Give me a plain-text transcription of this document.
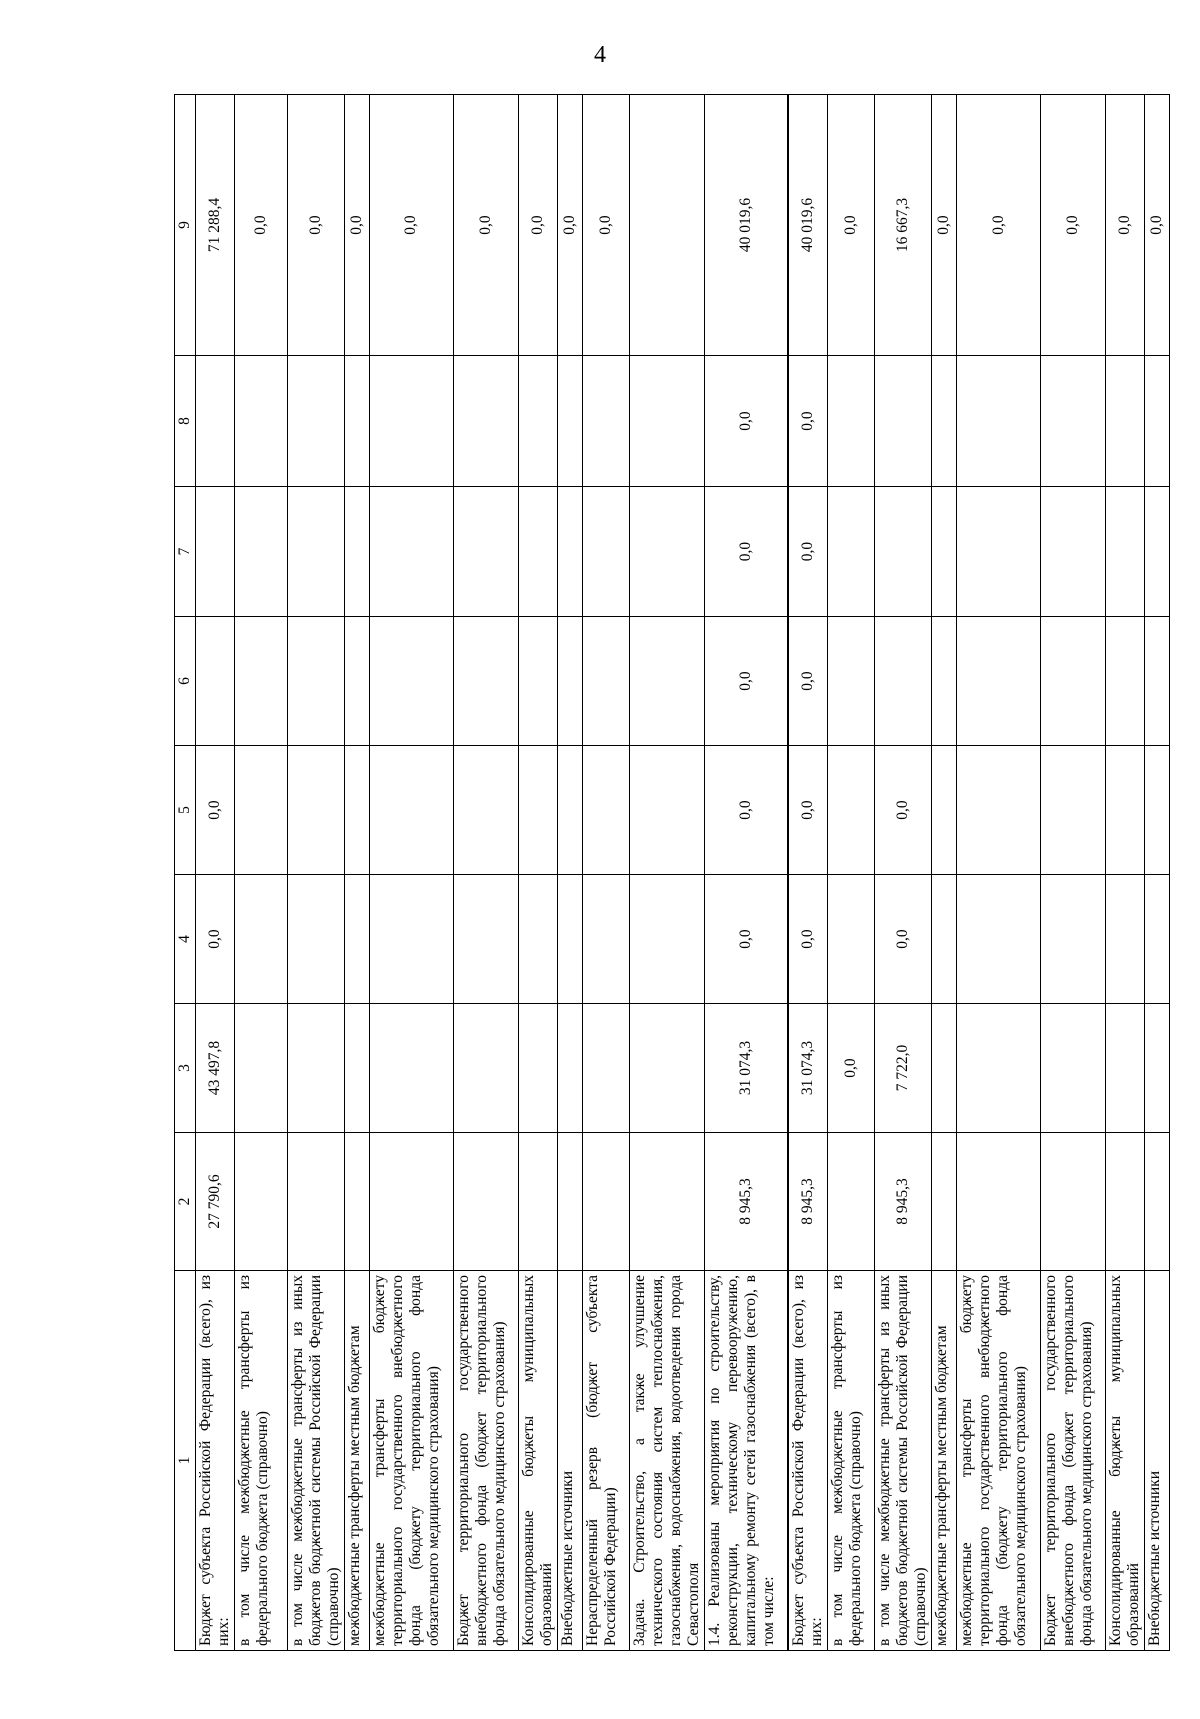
4
1	2	3	4	5	6	7	8	9
Бюджет субъекта Российской Федерации (всего), из них:	27 790,6	43 497,8	0,0	0,0				71 288,4
в том числе межбюджетные трансферты из федерального бюджета (справочно)								0,0
в том числе межбюджетные трансферты из иных бюджетов бюджетной системы Российской Федерации (справочно)								0,0
межбюджетные трансферты местным бюджетам								0,0
межбюджетные трансферты бюджету территориального государственного внебюджетного фонда (бюджету территориального фонда обязательного медицинского страхования)								0,0
Бюджет территориального государственного внебюджетного фонда (бюджет территориального фонда обязательного медицинского страхования)								0,0
Консолидированные бюджеты муниципальных образований								0,0
Внебюджетные источники								0,0
Нераспределенный резерв (бюджет субъекта Российской Федерации)								0,0
Задача. Строительство, а также улучшение технического состояния систем теплоснабжения, газоснабжения, водоснабжения, водоотведения города Севастополя								
1.4. Реализованы мероприятия по строительству, реконструкции, техническому перевооружению, капитальному ремонту сетей газоснабжения (всего), в том числе:	8 945,3	31 074,3	0,0	0,0	0,0	0,0	0,0	40 019,6
Бюджет субъекта Российской Федерации (всего), из них:	8 945,3	31 074,3	0,0	0,0	0,0	0,0	0,0	40 019,6
в том числе межбюджетные трансферты из федерального бюджета (справочно)		0,0						0,0
в том числе межбюджетные трансферты из иных бюджетов бюджетной системы Российской Федерации (справочно)	8 945,3	7 722,0	0,0	0,0				16 667,3
межбюджетные трансферты местным бюджетам								0,0
межбюджетные трансферты бюджету территориального государственного внебюджетного фонда (бюджету территориального фонда обязательного медицинского страхования)								0,0
Бюджет территориального государственного внебюджетного фонда (бюджет территориального фонда обязательного медицинского страхования)								0,0
Консолидированные бюджеты муниципальных образований								0,0
Внебюджетные источники								0,0
